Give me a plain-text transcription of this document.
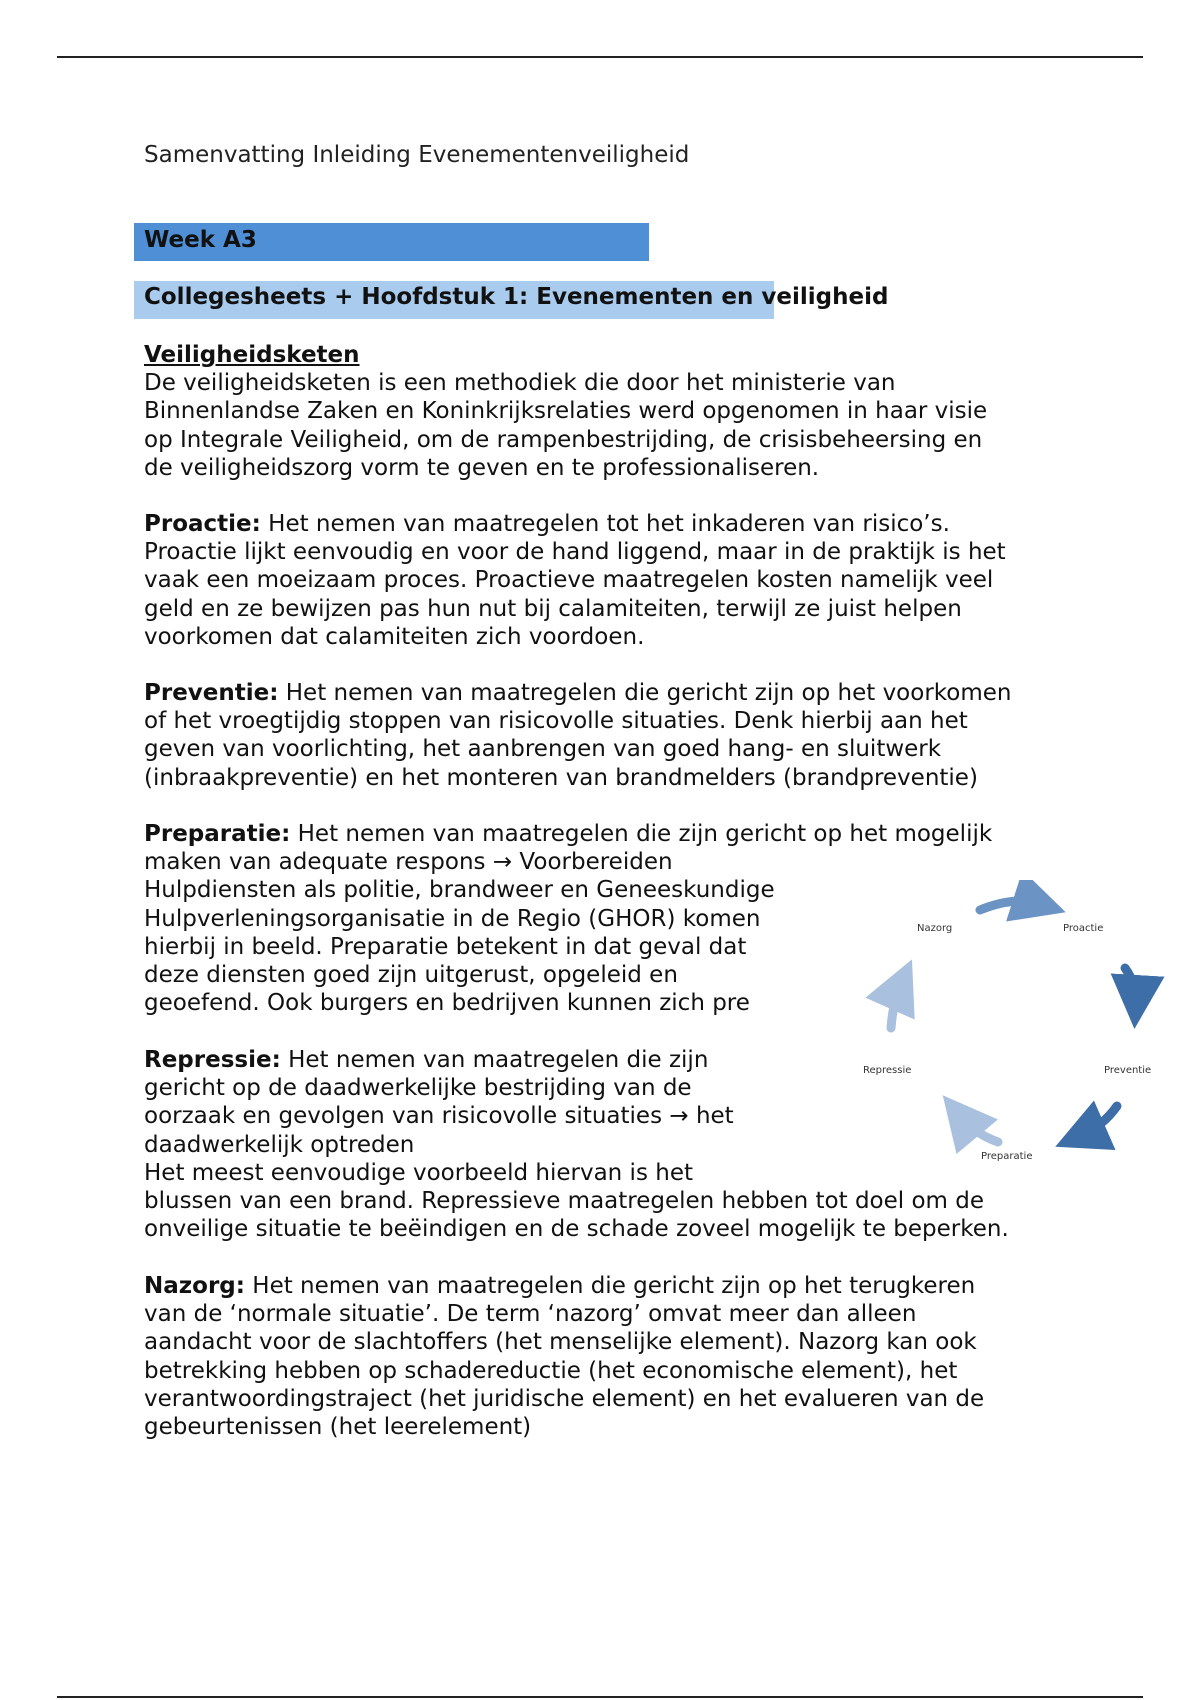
Samenvatting Inleiding Evenementenveiligheid
Week A3
Collegesheets + Hoofdstuk 1: Evenementen en veiligheid
Veiligheidsketen
De veiligheidsketen is een methodiek die door het ministerie van
Binnenlandse Zaken en Koninkrijksrelaties werd opgenomen in haar visie
op Integrale Veiligheid, om de rampenbestrijding, de crisisbeheersing en
de veiligheidszorg vorm te geven en te professionaliseren.
Proactie: Het nemen van maatregelen tot het inkaderen van risico’s.
Proactie lijkt eenvoudig en voor de hand liggend, maar in de praktijk is het
vaak een moeizaam proces. Proactieve maatregelen kosten namelijk veel
geld en ze bewijzen pas hun nut bij calamiteiten, terwijl ze juist helpen
voorkomen dat calamiteiten zich voordoen.
Preventie: Het nemen van maatregelen die gericht zijn op het voorkomen
of het vroegtijdig stoppen van risicovolle situaties. Denk hierbij aan het
geven van voorlichting, het aanbrengen van goed hang- en sluitwerk
(inbraakpreventie) en het monteren van brandmelders (brandpreventie)
Preparatie: Het nemen van maatregelen die zijn gericht op het mogelijk
maken van adequate respons → Voorbereiden
Hulpdiensten als politie, brandweer en Geneeskundige
Hulpverleningsorganisatie in de Regio (GHOR) komen
hierbij in beeld. Preparatie betekent in dat geval dat
deze diensten goed zijn uitgerust, opgeleid en
geoefend. Ook burgers en bedrijven kunnen zich pre
Repressie: Het nemen van maatregelen die zijn
gericht op de daadwerkelijke bestrijding van de
oorzaak en gevolgen van risicovolle situaties → het
daadwerkelijk optreden
Het meest eenvoudige voorbeeld hiervan is het
blussen van een brand. Repressieve maatregelen hebben tot doel om de
onveilige situatie te beëindigen en de schade zoveel mogelijk te beperken.
Nazorg: Het nemen van maatregelen die gericht zijn op het terugkeren
van de ‘normale situatie’. De term ‘nazorg’ omvat meer dan alleen
aandacht voor de slachtoffers (het menselijke element). Nazorg kan ook
betrekking hebben op schadereductie (het economische element), het
verantwoordingstraject (het juridische element) en het evalueren van de
gebeurtenissen (het leerelement)
Nazorg	Proactie
Preventie
Preparatie
Repressie
